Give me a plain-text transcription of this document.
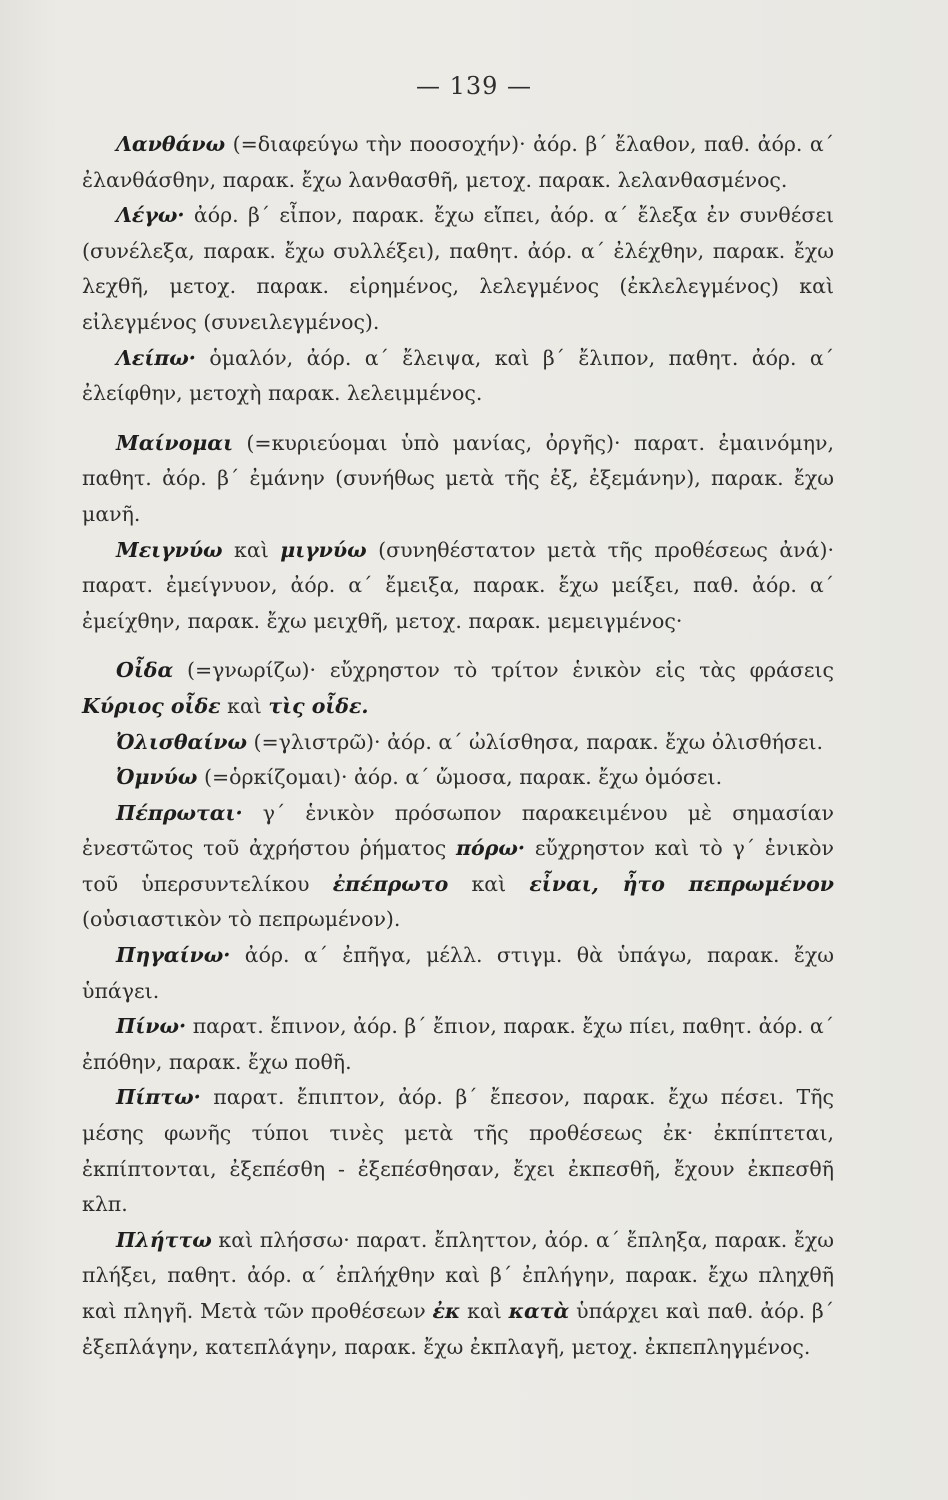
— 139 —

Λανθάνω (=διαφεύγω τὴν ποοσοχήν)· ἀόρ. β΄ ἔλαθον, παθ. ἀόρ. α΄ ἐλανθάσθην, παρακ. ἔχω λανθασθῆ, μετοχ. παρακ. λελανθασμένος.

Λέγω· ἀόρ. β΄ εἶπον, παρακ. ἔχω εἴπει, ἀόρ. α΄ ἔλεξα ἐν συνθέσει (συνέλεξα, παρακ. ἔχω συλλέξει), παθητ. ἀόρ. α΄ ἐλέχθην, παρακ. ἔχω λεχθῆ, μετοχ. παρακ. εἰρημένος, λελεγμένος (ἐκλελεγμένος) καὶ εἰλεγμένος (συνειλεγμένος).

Λείπω· ὁμαλόν, ἀόρ. α΄ ἔλειψα, καὶ β΄ ἔλιπον, παθητ. ἀόρ. α΄ ἐλείφθην, μετοχὴ παρακ. λελειμμένος.

Μαίνομαι (=κυριεύομαι ὑπὸ μανίας, ὀργῆς)· παρατ. ἐμαινόμην, παθητ. ἀόρ. β΄ ἐμάνην (συνήθως μετὰ τῆς ἐξ, ἐξεμάνην), παρακ. ἔχω μανῆ.

Μειγνύω καὶ μιγνύω (συνηθέστατον μετὰ τῆς προθέσεως ἀνά)· παρατ. ἐμείγνυον, ἀόρ. α΄ ἔμειξα, παρακ. ἔχω μείξει, παθ. ἀόρ. α΄ ἐμείχθην, παρακ. ἔχω μειχθῆ, μετοχ. παρακ. μεμειγμένος·

Οἶδα (=γνωρίζω)· εὔχρηστον τὸ τρίτον ἑνικὸν εἰς τὰς φράσεις Κύριος οἶδε καὶ τὶς οἶδε.

Ὀλισθαίνω (=γλιστρῶ)· ἀόρ. α΄ ὠλίσθησα, παρακ. ἔχω ὀλισθήσει.

Ὀμνύω (=ὁρκίζομαι)· ἀόρ. α΄ ὤμοσα, παρακ. ἔχω ὀμόσει.

Πέπρωται· γ΄ ἑνικὸν πρόσωπον παρακειμένου μὲ σημασίαν ἐνεστῶτος τοῦ ἀχρήστου ῥήματος πόρω· εὔχρηστον καὶ τὸ γ΄ ἑνικὸν τοῦ ὑπερσυντελίκου ἐπέπρωτο καὶ εἶναι, ἦτο πεπρωμένον (οὐσιαστικὸν τὸ πεπρωμένον).

Πηγαίνω· ἀόρ. α΄ ἐπῆγα, μέλλ. στιγμ. θὰ ὑπάγω, παρακ. ἔχω ὑπάγει.

Πίνω· παρατ. ἔπινον, ἀόρ. β΄ ἔπιον, παρακ. ἔχω πίει, παθητ. ἀόρ. α΄ ἐπόθην, παρακ. ἔχω ποθῆ.

Πίπτω· παρατ. ἔπιπτον, ἀόρ. β΄ ἔπεσον, παρακ. ἔχω πέσει. Τῆς μέσης φωνῆς τύποι τινὲς μετὰ τῆς προθέσεως ἐκ· ἐκπίπτεται, ἐκπίπτονται, ἐξεπέσθη - ἐξεπέσθησαν, ἔχει ἐκπεσθῆ, ἔχουν ἐκπεσθῆ κλπ.

Πλήττω καὶ πλήσσω· παρατ. ἔπληττον, ἀόρ. α΄ ἔπληξα, παρακ. ἔχω πλήξει, παθητ. ἀόρ. α΄ ἐπλήχθην καὶ β΄ ἐπλήγην, παρακ. ἔχω πληχθῆ καὶ πληγῆ. Μετὰ τῶν προθέσεων ἐκ καὶ κατὰ ὑπάρχει καὶ παθ. ἀόρ. β΄ ἐξεπλάγην, κατεπλάγην, παρακ. ἔχω ἐκπλαγῆ, μετοχ. ἐκπεπληγμένος.
